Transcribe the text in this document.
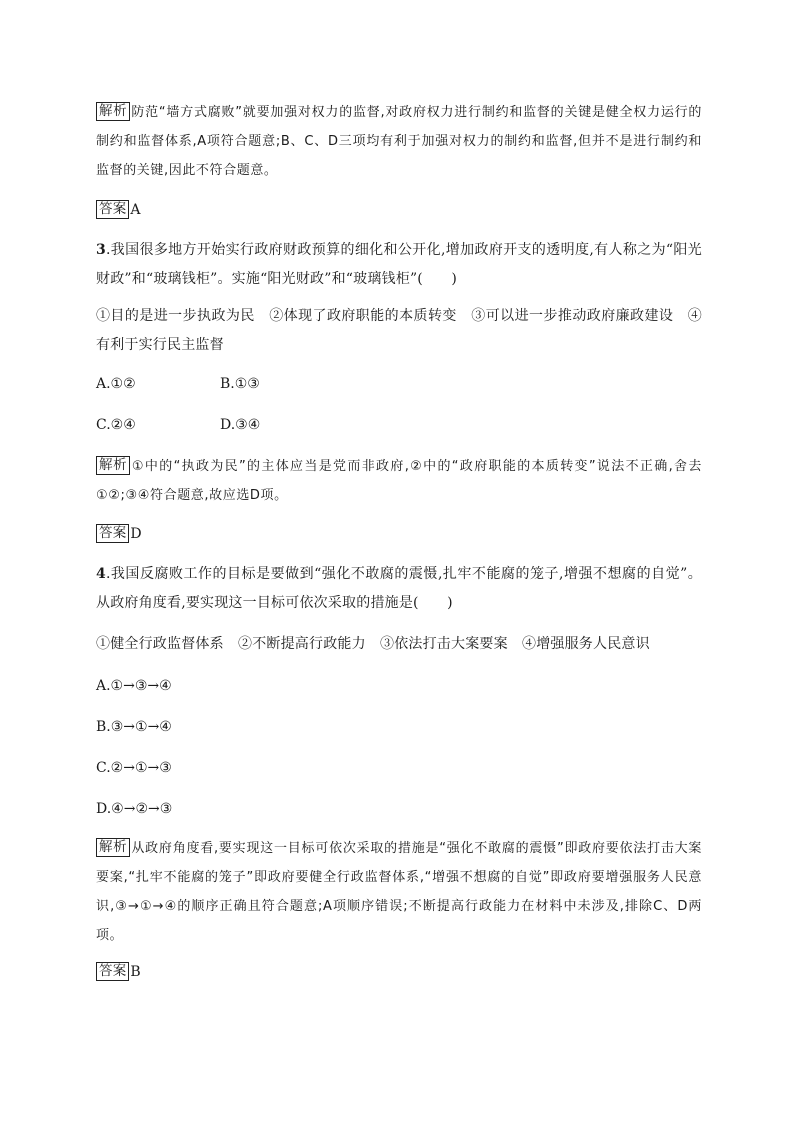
解析 防范“墙方式腐败”就要加强对权力的监督,对政府权力进行制约和监督的关键是健全权力运行的制约和监督体系,A项符合题意;B、C、D三项均有利于加强对权力的制约和监督,但并不是进行制约和监督的关键,因此不符合题意。

答案 A

3.我国很多地方开始实行政府财政预算的细化和公开化,增加政府开支的透明度,有人称之为“阳光财政”和“玻璃钱柜”。实施“阳光财政”和“玻璃钱柜”(　　)

①目的是进一步执政为民　②体现了政府职能的本质转变　③可以进一步推动政府廉政建设　④有利于实行民主监督

A.①②	B.①③
C.②④	D.③④

解析 ①中的“执政为民”的主体应当是党而非政府,②中的“政府职能的本质转变”说法不正确,舍去①②;③④符合题意,故应选D项。

答案 D

4.我国反腐败工作的目标是要做到“强化不敢腐的震慑,扎牢不能腐的笼子,增强不想腐的自觉”。从政府角度看,要实现这一目标可依次采取的措施是(　　)

①健全行政监督体系　②不断提高行政能力　③依法打击大案要案　④增强服务人民意识

A.①→③→④
B.③→①→④
C.②→①→③
D.④→②→③

解析 从政府角度看,要实现这一目标可依次采取的措施是“强化不敢腐的震慑”即政府要依法打击大案要案,“扎牢不能腐的笼子”即政府要健全行政监督体系,“增强不想腐的自觉”即政府要增强服务人民意识,③→①→④的顺序正确且符合题意;A项顺序错误;不断提高行政能力在材料中未涉及,排除C、D两项。

答案 B
